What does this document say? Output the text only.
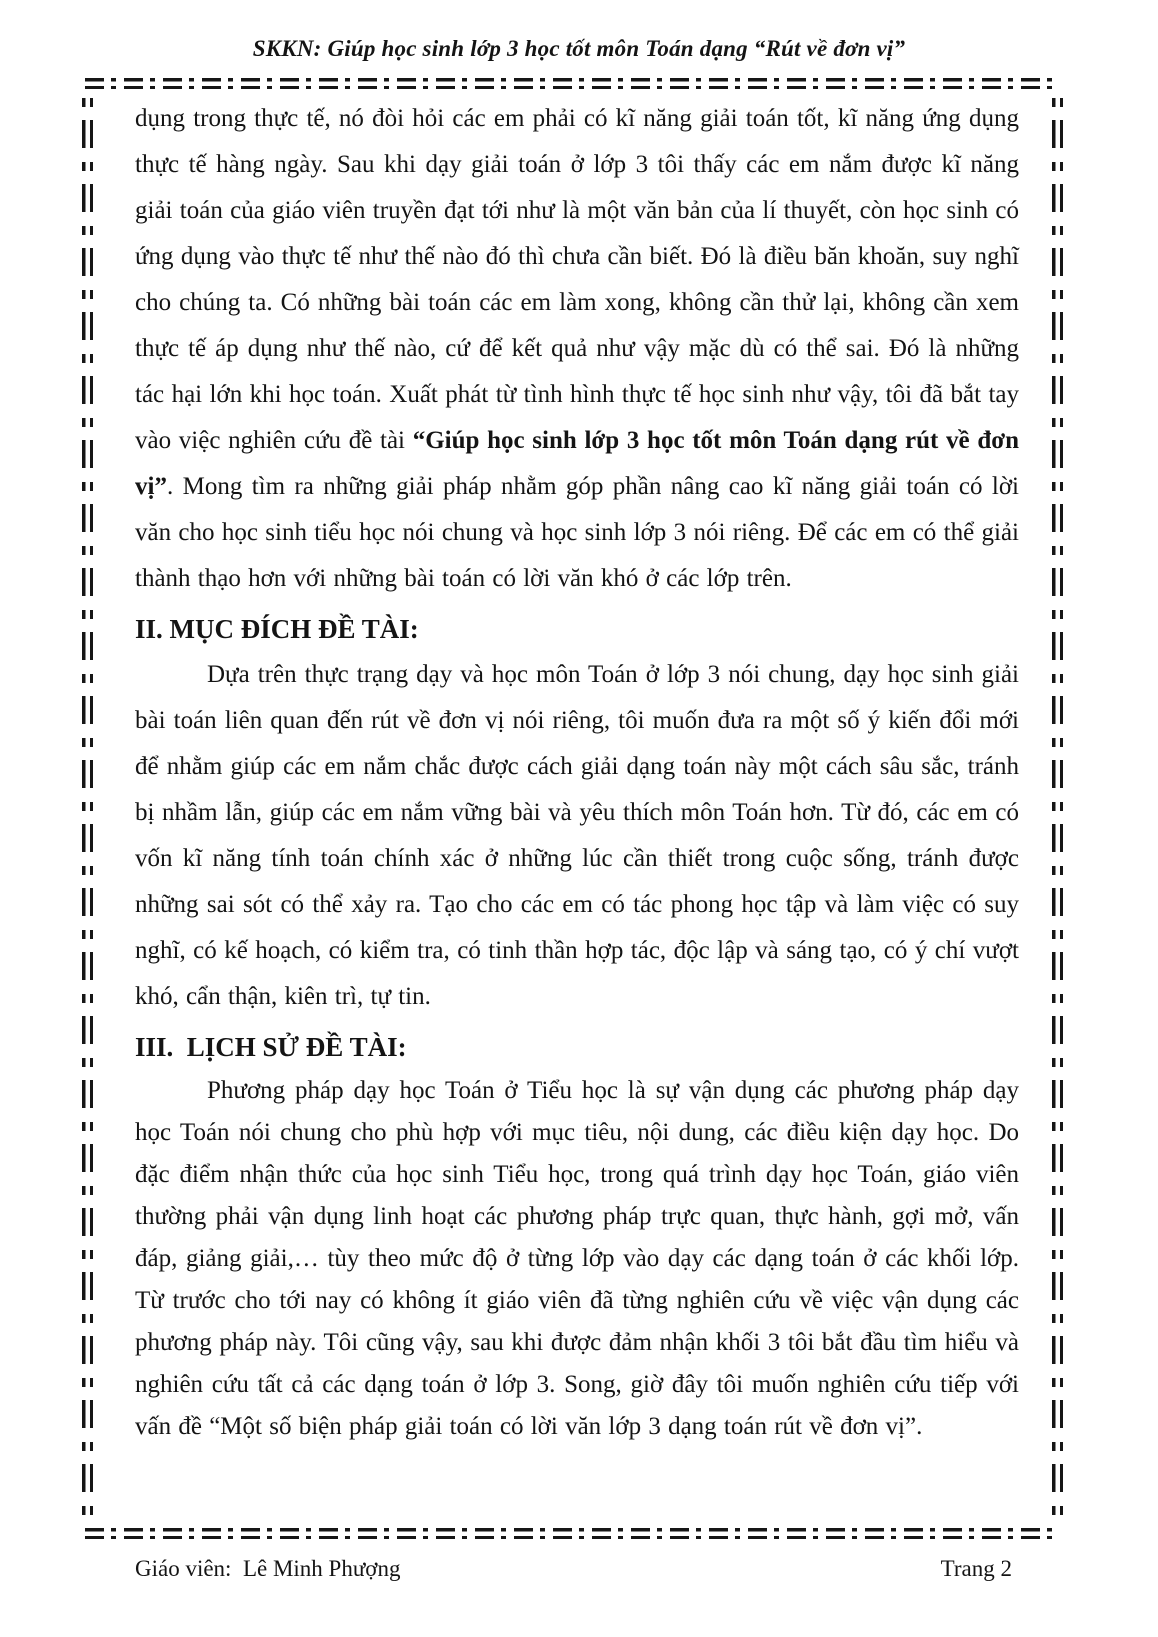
SKKN: Giúp học sinh lớp 3 học tốt môn Toán dạng “Rút về đơn vị”

dụng trong thực tế, nó đòi hỏi các em phải có kĩ năng giải toán tốt, kĩ năng ứng dụng thực tế hàng ngày. Sau khi dạy giải toán ở lớp 3 tôi thấy các em nắm được kĩ năng giải toán của giáo viên truyền đạt tới như là một văn bản của lí thuyết, còn học sinh có ứng dụng vào thực tế như thế nào đó thì chưa cần biết. Đó là điều băn khoăn, suy nghĩ cho chúng ta. Có những bài toán các em làm xong, không cần thử lại, không cần xem thực tế áp dụng như thế nào, cứ để kết quả như vậy mặc dù có thể sai. Đó là những tác hại lớn khi học toán. Xuất phát từ tình hình thực tế học sinh như vậy, tôi đã bắt tay vào việc nghiên cứu đề tài “Giúp học sinh lớp 3 học tốt môn Toán dạng rút về đơn vị”. Mong tìm ra những giải pháp nhằm góp phần nâng cao kĩ năng giải toán có lời văn cho học sinh tiểu học nói chung và học sinh lớp 3 nói riêng. Để các em có thể giải thành thạo hơn với những bài toán có lời văn khó ở các lớp trên.

II. MỤC ĐÍCH ĐỀ TÀI:

Dựa trên thực trạng dạy và học môn Toán ở lớp 3 nói chung, dạy học sinh giải bài toán liên quan đến rút về đơn vị nói riêng, tôi muốn đưa ra một số ý kiến đổi mới để nhằm giúp các em nắm chắc được cách giải dạng toán này một cách sâu sắc, tránh bị nhầm lẫn, giúp các em nắm vững bài và yêu thích môn Toán hơn. Từ đó, các em có vốn kĩ năng tính toán chính xác ở những lúc cần thiết trong cuộc sống, tránh được những sai sót có thể xảy ra. Tạo cho các em có tác phong học tập và làm việc có suy nghĩ, có kế hoạch, có kiểm tra, có tinh thần hợp tác, độc lập và sáng tạo, có ý chí vượt khó, cẩn thận, kiên trì, tự tin.

III.  LỊCH SỬ ĐỀ TÀI:

Phương pháp dạy học Toán ở Tiểu học là sự vận dụng các phương pháp dạy học Toán nói chung cho phù hợp với mục tiêu, nội dung, các điều kiện dạy học. Do đặc điểm nhận thức của học sinh Tiểu học, trong quá trình dạy học Toán, giáo viên thường phải vận dụng linh hoạt các phương pháp trực quan, thực hành, gợi mở, vấn đáp, giảng giải,… tùy theo mức độ ở từng lớp vào dạy các dạng toán ở các khối lớp. Từ trước cho tới nay có không ít giáo viên đã từng nghiên cứu về việc vận dụng các phương pháp này. Tôi cũng vậy, sau khi được đảm nhận khối 3 tôi bắt đầu tìm hiểu và nghiên cứu tất cả các dạng toán ở lớp 3. Song, giờ đây tôi muốn nghiên cứu tiếp với vấn đề “Một số biện pháp giải toán có lời văn lớp 3 dạng toán rút về đơn vị”.

Giáo viên:  Lê Minh Phượng	Trang 2
